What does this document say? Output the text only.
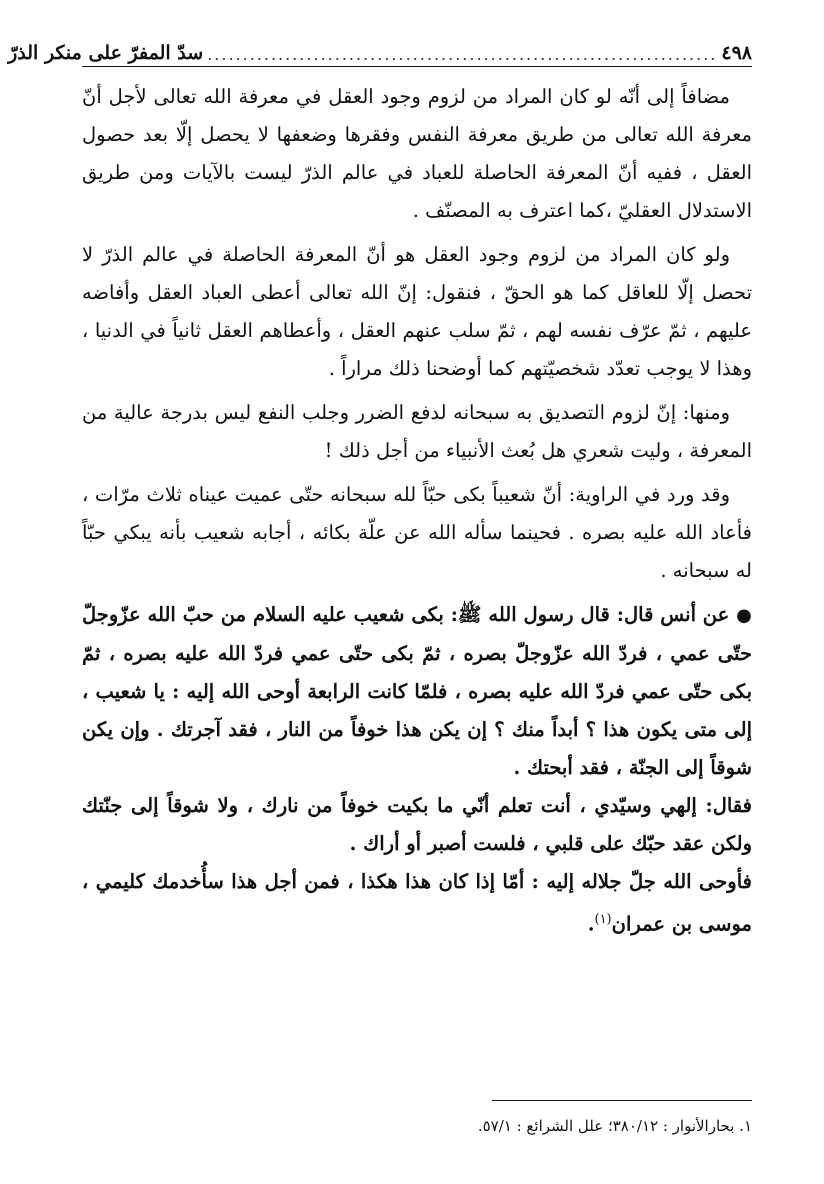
٤٩٨
........................................................................
سدّ المفرّ على منكر الذرّ

مضافاً إلى أنّه لو كان المراد من لزوم وجود العقل في معرفة الله تعالى لأجل أنّ معرفة الله تعالى من طريق معرفة النفس وفقرها وضعفها لا يحصل إلّا بعد حصول العقل ، ففيه أنّ المعرفة الحاصلة للعباد في عالم الذرّ ليست بالآيات ومن طريق الاستدلال العقليّ ،كما اعترف به المصنّف .

ولو كان المراد من لزوم وجود العقل هو أنّ المعرفة الحاصلة في عالم الذرّ لا تحصل إلّا للعاقل كما هو الحقّ ، فنقول: إنّ الله تعالى أعطى العباد العقل وأفاضه عليهم ، ثمّ عرّف نفسه لهم ، ثمّ سلب عنهم العقل ، وأعطاهم العقل ثانياً في الدنيا ، وهذا لا يوجب تعدّد شخصيّتهم كما أوضحنا ذلك مراراً .

ومنها: إنّ لزوم التصديق به سبحانه لدفع الضرر وجلب النفع ليس بدرجة عالية من المعرفة ، وليت شعري هل بُعث الأنبياء من أجل ذلك !

وقد ورد في الراوية: أنّ شعيباً بكى حبّاً لله سبحانه حتّى عميت عيناه ثلاث مرّات ، فأعاد الله عليه بصره . فحينما سأله الله عن علّة بكائه ، أجابه شعيب بأنه يبكي حبّاً له سبحانه .

● عن أنس قال: قال رسول الله ﷺ: بكى شعيب عليه السلام من حبّ الله عزّوجلّ حتّى عمي ، فردّ الله عزّوجلّ بصره ، ثمّ بكى حتّى عمي فردّ الله عليه بصره ، ثمّ بكى حتّى عمي فردّ الله عليه بصره ، فلمّا كانت الرابعة أوحى الله إليه : يا شعيب ، إلى متى يكون هذا ؟ أبداً منك ؟ إن يكن هذا خوفاً من النار ، فقد آجرتك . وإن يكن شوقاً إلى الجنّة ، فقد أبحتك .

فقال: إلهي وسيّدي ، أنت تعلم أنّي ما بكيت خوفاً من نارك ، ولا شوقاً إلى جنّتك ولكن عقد حبّك على قلبي ، فلست أصبر أو أراك .

فأوحى الله جلّ جلاله إليه : أمّا إذا كان هذا هكذا ، فمن أجل هذا سأُخدمك كليمي ، موسى بن عمران$^{(١)}$.

١. بحارالأنوار : ٣٨٠/١٢؛ علل الشرائع : ٥٧/١.
